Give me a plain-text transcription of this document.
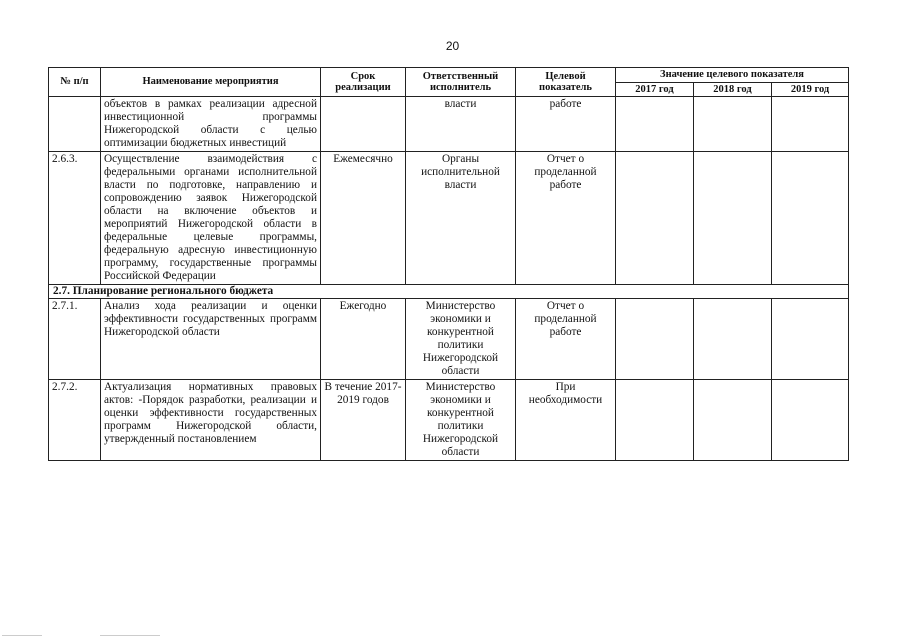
20
№ п/п	Наименование мероприятия	Срок реализации	Ответственный исполнитель	Целевой показатель	Значение целевого показателя		
					2017 год	2018 год	2019 год
	объектов в рамках реализации адресной инвестиционной программы Нижегородской области с целью оптимизации бюджетных инвестиций		власти	работе			
2.6.3.	Осуществление взаимодействия с федеральными органами исполнительной власти по подготовке, направлению и сопровождению заявок Нижегородской области на включение объектов и мероприятий Нижегородской области в федеральные целевые программы, федеральную адресную инвестиционную программу, государственные программы Российской Федерации	Ежемесячно	Органы исполнительной власти	Отчет о проделанной работе			
2.7. Планирование регионального бюджета							
2.7.1.	Анализ хода реализации и оценки эффективности государственных программ Нижегородской области	Ежегодно	Министерство экономики и конкурентной политики Нижегородской области	Отчет о проделанной работе			
2.7.2.	Актуализация нормативных правовых актов: -Порядок разработки, реализации и оценки эффективности государственных программ Нижегородской области, утвержденный постановлением	В течение 2017-2019 годов	Министерство экономики и конкурентной политики Нижегородской области	При необходимости			
